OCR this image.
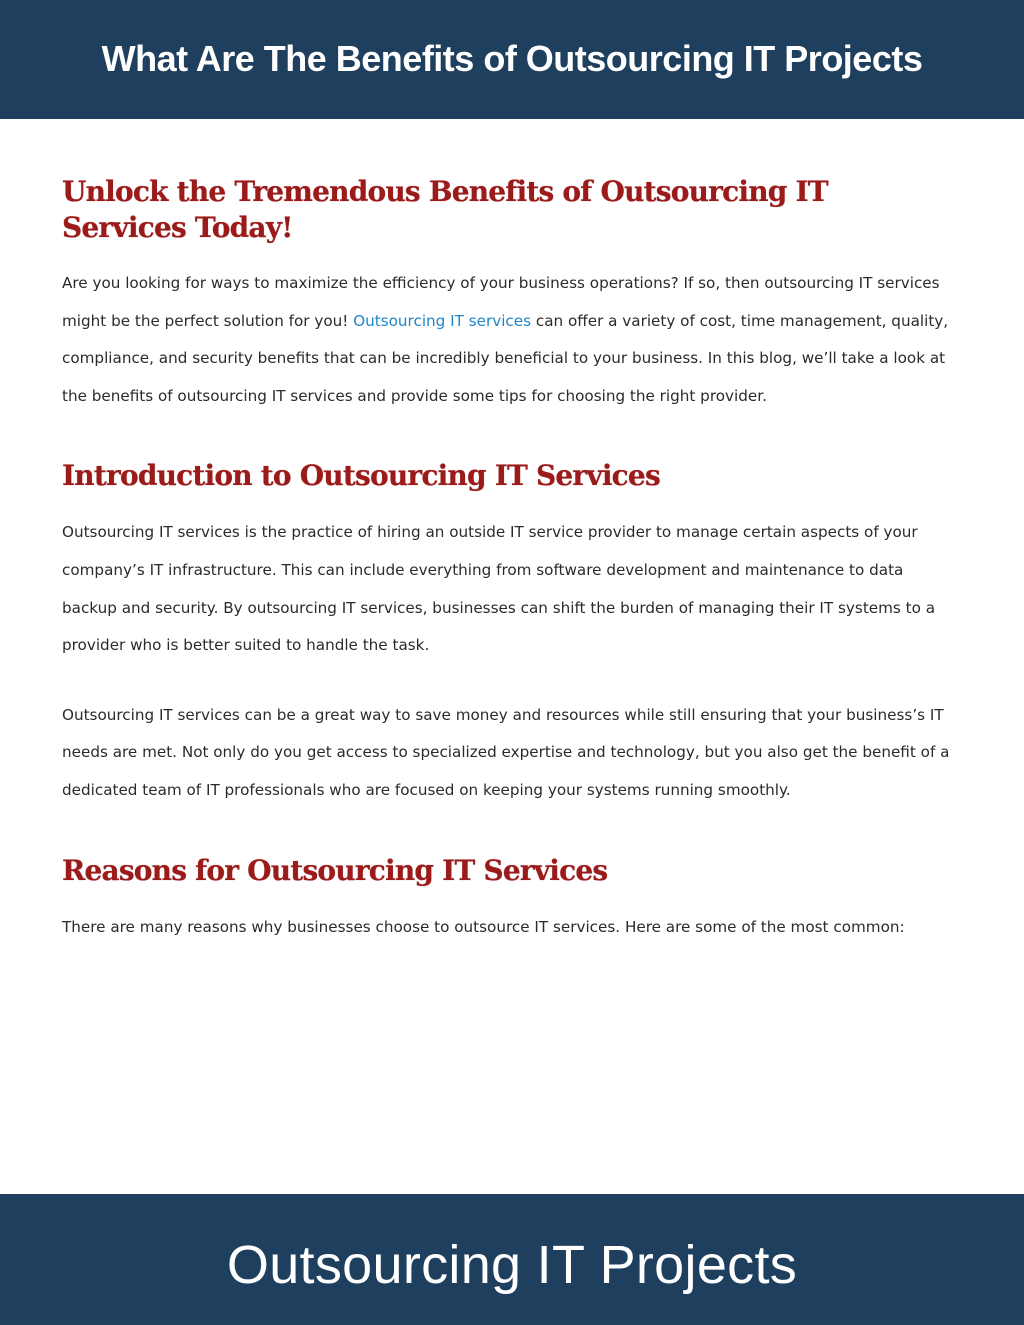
What Are The Benefits of Outsourcing IT Projects
Unlock the Tremendous Benefits of Outsourcing IT Services Today!

Are you looking for ways to maximize the efficiency of your business operations? If so, then outsourcing IT services might be the perfect solution for you! Outsourcing IT services can offer a variety of cost, time management, quality, compliance, and security benefits that can be incredibly beneficial to your business. In this blog, we’ll take a look at the benefits of outsourcing IT services and provide some tips for choosing the right provider.

Introduction to Outsourcing IT Services

Outsourcing IT services is the practice of hiring an outside IT service provider to manage certain aspects of your company’s IT infrastructure. This can include everything from software development and maintenance to data backup and security. By outsourcing IT services, businesses can shift the burden of managing their IT systems to a provider who is better suited to handle the task.

Outsourcing IT services can be a great way to save money and resources while still ensuring that your business’s IT needs are met. Not only do you get access to specialized expertise and technology, but you also get the benefit of a dedicated team of IT professionals who are focused on keeping your systems running smoothly.

Reasons for Outsourcing IT Services

There are many reasons why businesses choose to outsource IT services. Here are some of the most common:

Outsourcing IT Projects
